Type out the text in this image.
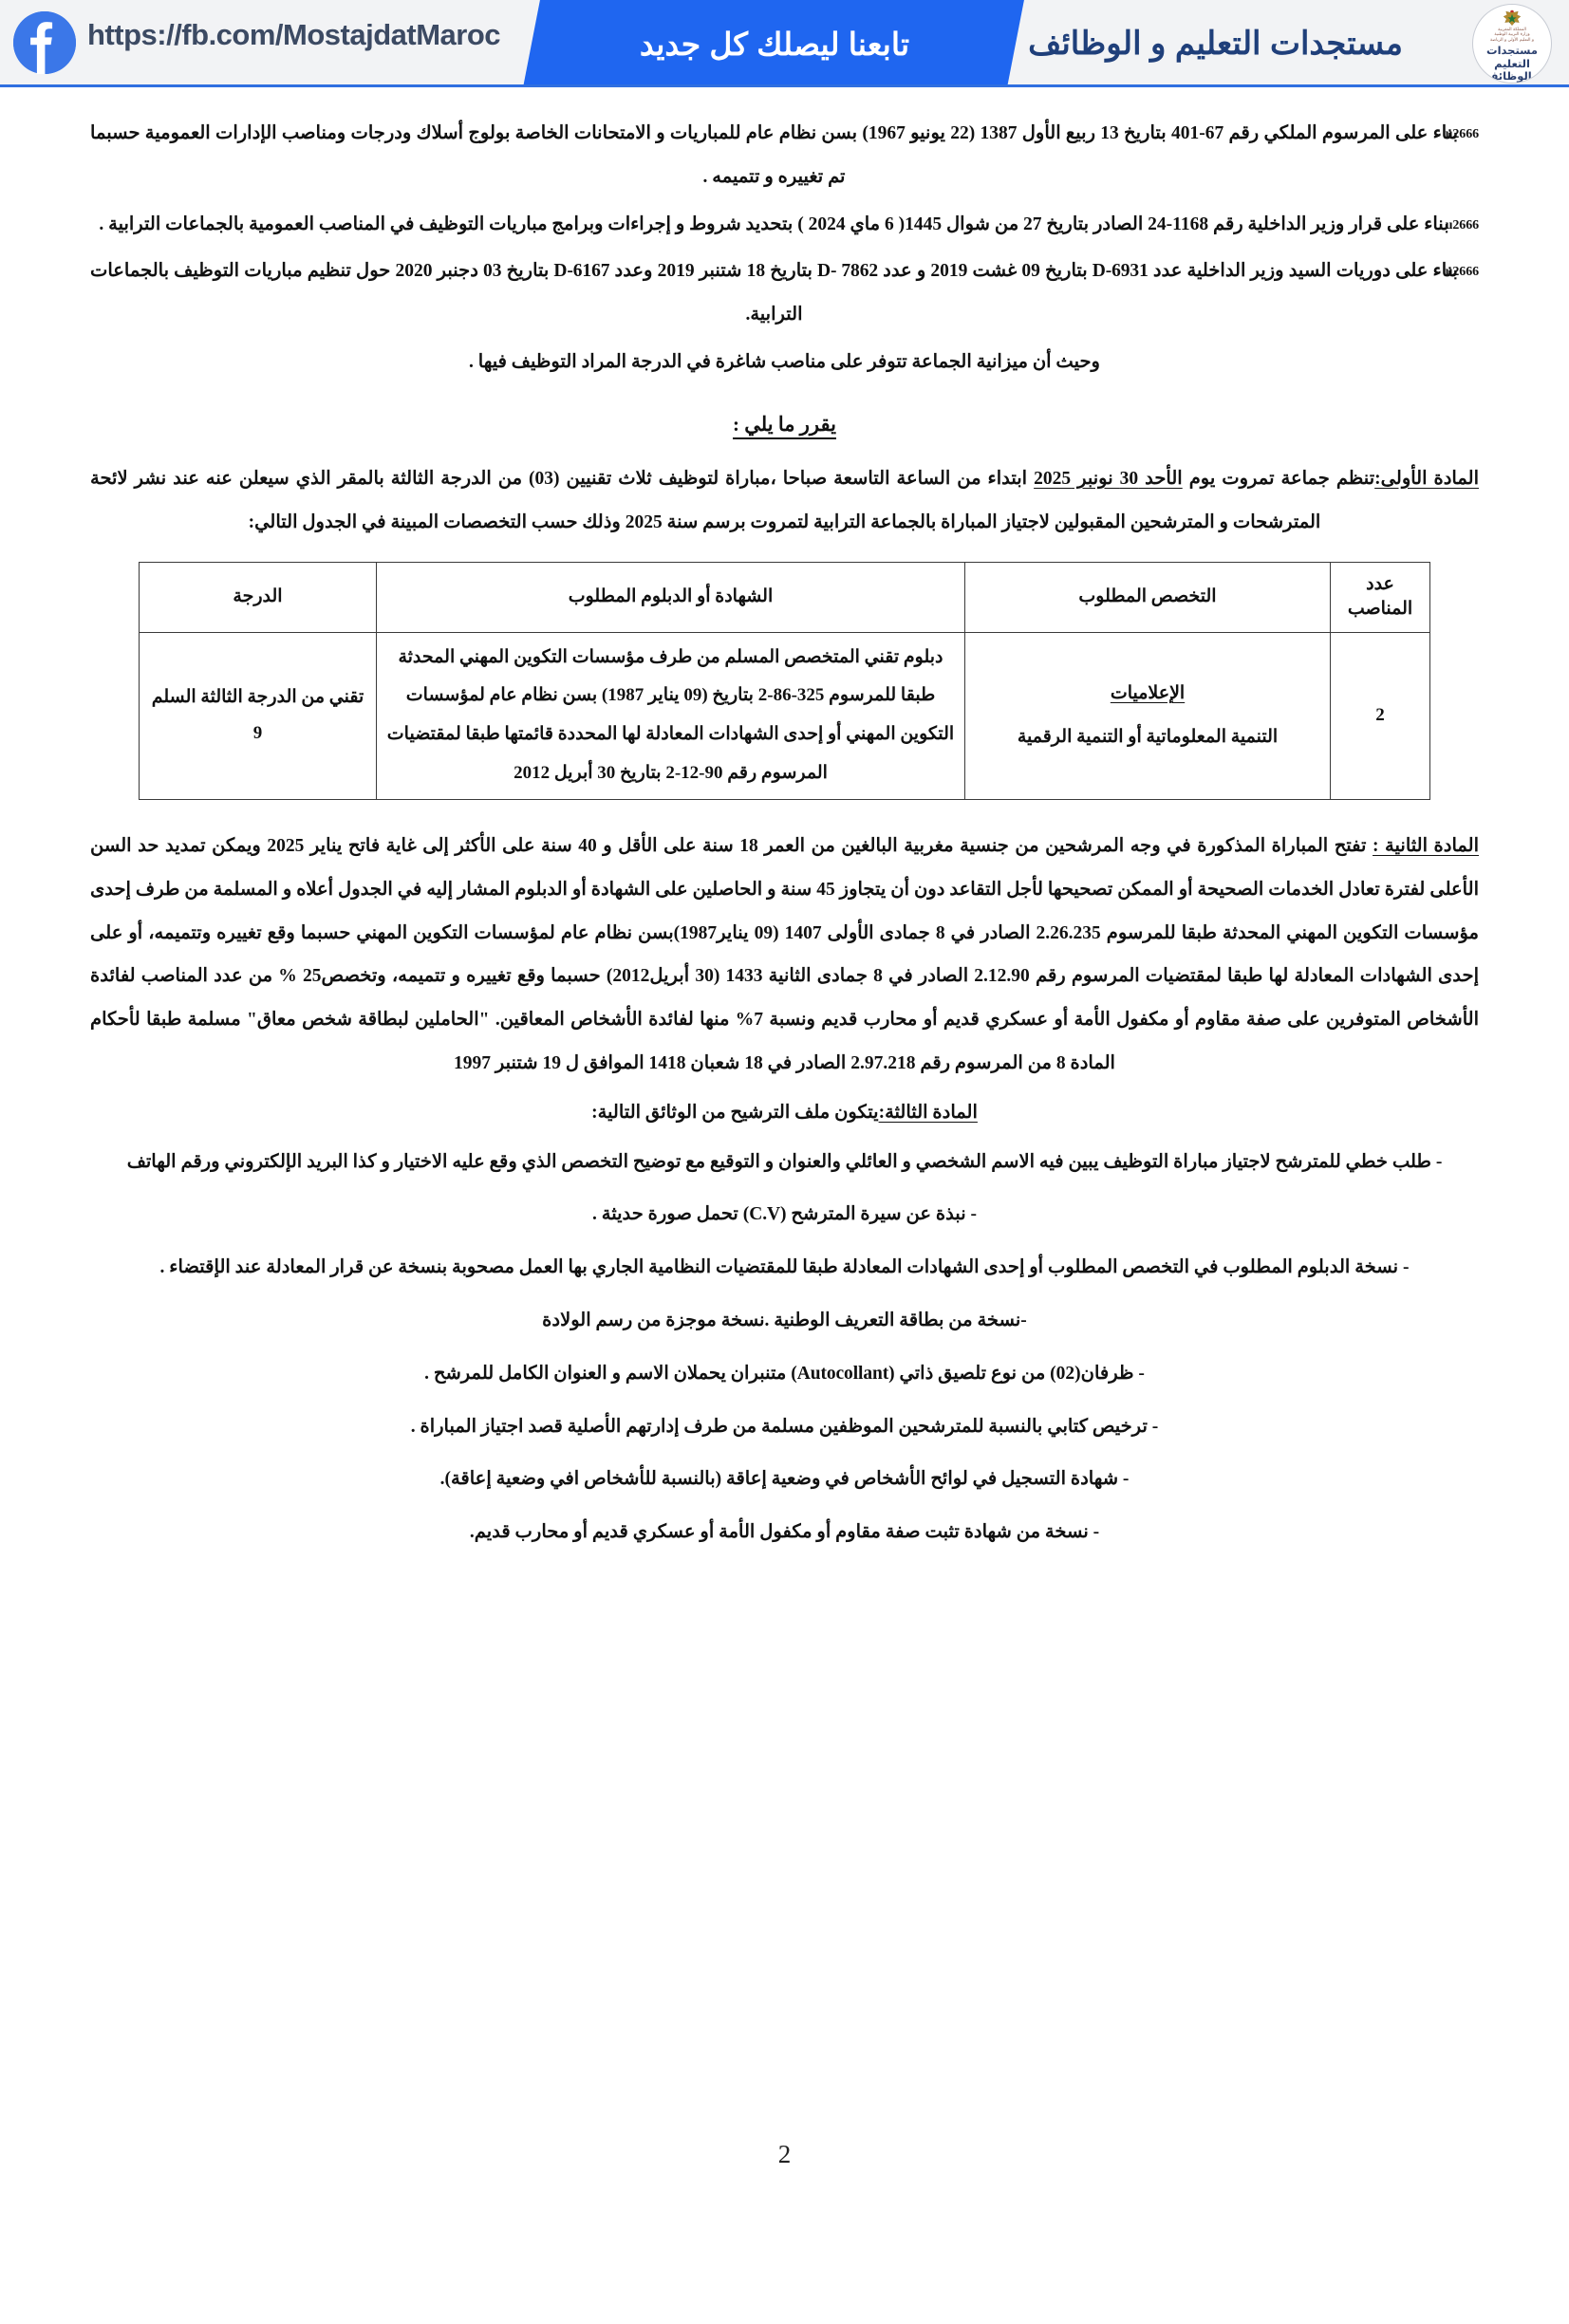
https://fb.com/MostajdatMaroc	تابعنا ليصلك كل جديد	مستجدات التعليم و الوظائف	المملكة المغربية
وزارة التربية الوطنية
و التعليم الأولي و الرياضة
مستجدات التعليم
والوظائف
u2666 بناء على المرسوم الملكي رقم 67-401 بتاريخ 13 ربيع الأول 1387 (22 يونيو 1967) بسن نظام عام للمباريات و الامتحانات الخاصة بولوج أسلاك ودرجات ومناصب الإدارات العمومية حسبما تم تغييره و تتميمه .
u2666 بناء على قرار وزير الداخلية رقم 1168-24 الصادر بتاريخ 27 من شوال 1445( 6 ماي 2024 ) بتحديد شروط و إجراءات وبرامج مباريات التوظيف في المناصب العمومية بالجماعات الترابية .
u2666 بناء على دوريات السيد وزير الداخلية عدد D-6931 بتاريخ 09 غشت 2019 و عدد D- 7862 بتاريخ 18 شتنبر 2019 وعدد D-6167 بتاريخ 03 دجنبر 2020 حول تنظيم مباريات التوظيف بالجماعات الترابية.

وحيث أن ميزانية الجماعة تتوفر على مناصب شاغرة في الدرجة المراد التوظيف فيها .

يقرر ما يلي :

المادة الأولى:تنظم جماعة تمروت يوم الأحد 30 نونبر 2025 ابتداء من الساعة التاسعة صباحا ،مباراة لتوظيف ثلاث تقنيين (03) من الدرجة الثالثة بالمقر الذي سيعلن عنه عند نشر لائحة المترشحات و المترشحين المقبولين لاجتياز المباراة بالجماعة الترابية لتمروت برسم سنة 2025 وذلك حسب التخصصات المبينة في الجدول التالي:

عدد المناصب	التخصص المطلوب	الشهادة أو الدبلوم المطلوب	الدرجة
2	الإعلاميات
التنمية المعلوماتية أو التنمية الرقمية	دبلوم تقني المتخصص المسلم من طرف مؤسسات التكوين المهني المحدثة طبقا للمرسوم 325-86-2 بتاريخ (09 يناير 1987) بسن نظام عام لمؤسسات التكوين المهني أو إحدى الشهادات المعادلة لها المحددة قائمتها طبقا لمقتضيات المرسوم رقم 90-12-2 بتاريخ 30 أبريل 2012	تقني من الدرجة الثالثة السلم 9

المادة الثانية : تفتح المباراة المذكورة في وجه المرشحين من جنسية مغربية البالغين من العمر 18 سنة على الأقل و 40 سنة على الأكثر إلى غاية فاتح يناير 2025 ويمكن تمديد حد السن الأعلى لفترة تعادل الخدمات الصحيحة أو الممكن تصحيحها لأجل التقاعد دون أن يتجاوز 45 سنة و الحاصلين على الشهادة أو الدبلوم المشار إليه في الجدول أعلاه و المسلمة من طرف إحدى مؤسسات التكوين المهني المحدثة طبقا للمرسوم 2.26.235 الصادر في 8 جمادى الأولى 1407 (09 يناير1987)بسن نظام عام لمؤسسات التكوين المهني حسبما وقع تغييره وتتميمه، أو على إحدى الشهادات المعادلة لها طبقا لمقتضيات المرسوم رقم 2.12.90 الصادر في 8 جمادى الثانية 1433 (30 أبريل2012) حسبما وقع تغييره و تتميمه، وتخصص25 % من عدد المناصب لفائدة الأشخاص المتوفرين على صفة مقاوم أو مكفول الأمة أو عسكري قديم أو محارب قديم ونسبة 7% منها لفائدة الأشخاص المعاقين. "الحاملين لبطاقة شخص معاق" مسلمة طبقا لأحكام المادة 8 من المرسوم رقم 2.97.218 الصادر في 18 شعبان 1418 الموافق ل 19 شتنبر 1997

المادة الثالثة:يتكون ملف الترشيح من الوثائق التالية:

- طلب خطي للمترشح لاجتياز مباراة التوظيف يبين فيه الاسم الشخصي و العائلي والعنوان و التوقيع مع توضيح التخصص الذي وقع عليه الاختيار و كذا البريد الإلكتروني ورقم الهاتف
- نبذة عن سيرة المترشح (C.V) تحمل صورة حديثة .
- نسخة الدبلوم المطلوب في التخصص المطلوب أو إحدى الشهادات المعادلة طبقا للمقتضيات النظامية الجاري بها العمل مصحوبة بنسخة عن قرار المعادلة عند الإقتضاء .
-نسخة من بطاقة التعريف الوطنية .نسخة موجزة من رسم الولادة
- ظرفان(02) من نوع تلصيق ذاتي (Autocollant) متنبران يحملان الاسم و العنوان الكامل للمرشح .
- ترخيص كتابي بالنسبة للمترشحين الموظفين مسلمة من طرف إدارتهم الأصلية قصد اجتياز المباراة .
- شهادة التسجيل في لوائح الأشخاص في وضعية إعاقة (بالنسبة للأشخاص افي وضعية إعاقة).
- نسخة من شهادة تثبت صفة مقاوم أو مكفول الأمة أو عسكري قديم أو محارب قديم.
2
